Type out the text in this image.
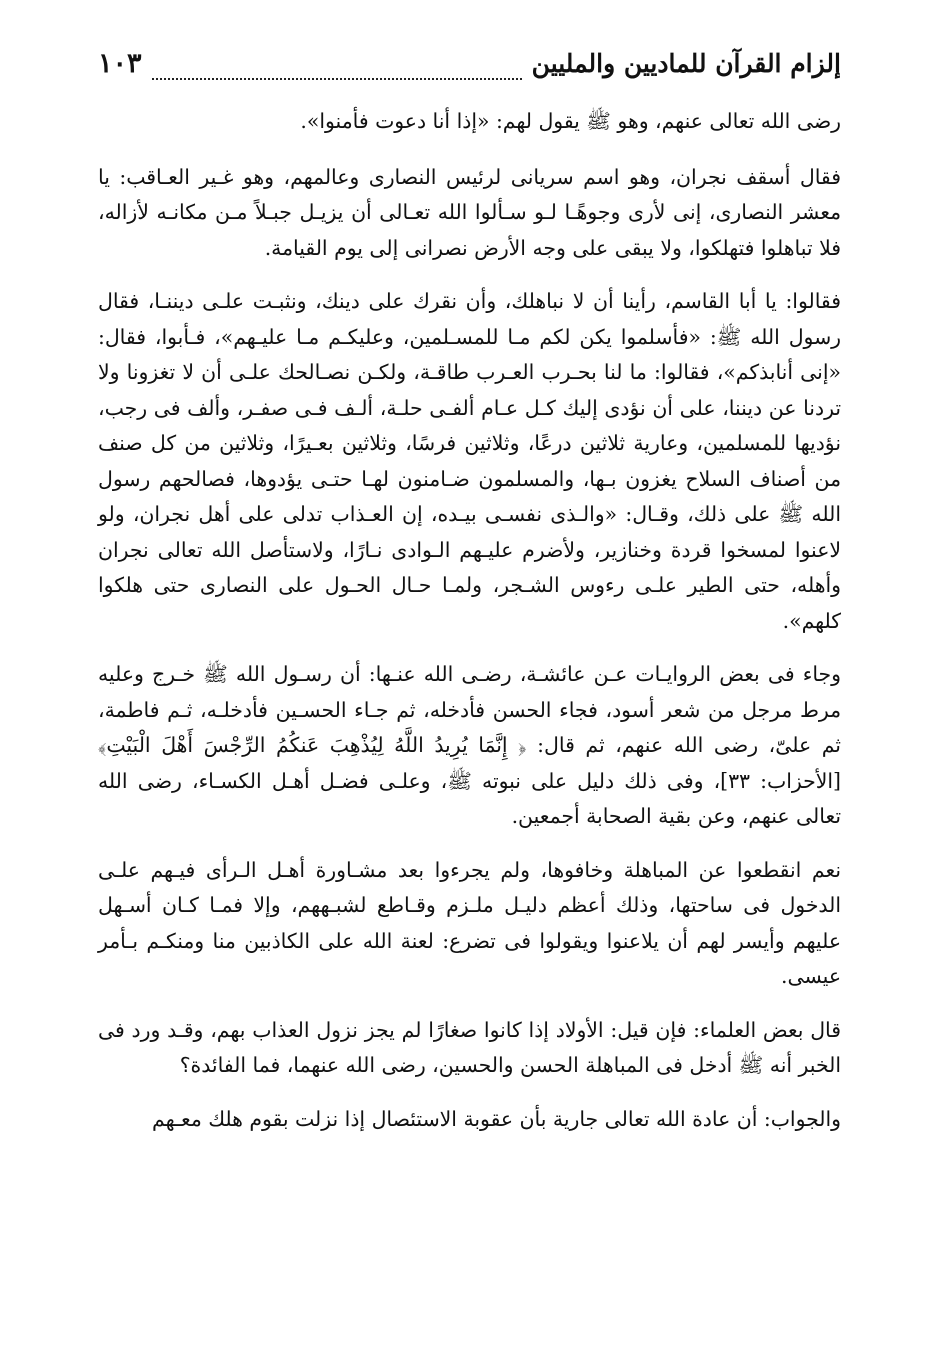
إلزام القرآن للماديين والمليين
١٠٣

رضى الله تعالى عنهم، وهو ﷺ يقول لهم: «إذا أنا دعوت فأمنوا».

فقال أسقف نجران، وهو اسم سريانى لرئيس النصارى وعالمهم، وهو غـير العـاقب: يا معشر النصارى، إنى لأرى وجوهًـا لـو سـألوا الله تعـالى أن يزيـل جبـلاً مـن مكانـه لأزاله، فلا تباهلوا فتهلكوا، ولا يبقى على وجه الأرض نصرانى إلى يوم القيامة.

فقالوا: يا أبا القاسم، رأينا أن لا نباهلك، وأن نقرك على دينك، ونثبـت علـى ديننـا، فقال رسول الله ﷺ: «فأسلموا يكن لكم مـا للمسـلمين، وعليكـم مـا عليـهم»، فـأبوا، فقال: «إنى أنابذكم»، فقالوا: ما لنا بحـرب العـرب طاقـة، ولكـن نصـالحك علـى أن لا تغزونا ولا تردنا عن ديننا، على أن نؤدى إليك كـل عـام ألفـى حلـة، ألـف فـى صفـر، وألف فى رجب، نؤديها للمسلمين، وعارية ثلاثين درعًا، وثلاثين فرسًا، وثلاثين بعـيرًا، وثلاثين من كل صنف من أصناف السلاح يغزون بـها، والمسلمون ضـامنون لهـا حتـى يؤدوها، فصالحهم رسول الله ﷺ على ذلك، وقـال: «والـذى نفسـى بيـده، إن العـذاب تدلى على أهل نجران، ولو لاعنوا لمسخوا قردة وخنازير، ولأضرم عليـهم الـوادى نـارًا، ولاستأصل الله تعالى نجران وأهله، حتى الطير علـى رءوس الشـجر، ولمـا حـال الحـول على النصارى حتى هلكوا كلهم».

وجاء فى بعض الروايـات عـن عائشـة، رضـى الله عنـها: أن رسـول الله ﷺ خـرج وعليه مرط مرجل من شعر أسود، فجاء الحسن فأدخله، ثم جـاء الحسـين فأدخلـه، ثـم فاطمة، ثم علىّ، رضى الله عنهم، ثم قال: ﴿ إِنَّمَا يُرِيدُ اللَّهُ لِيُذْهِبَ عَنكُمُ الرِّجْسَ أَهْلَ الْبَيْتِ﴾ [الأحزاب: ٣٣]، وفى ذلك دليل على نبوته ﷺ، وعلـى فضـل أهـل الكسـاء، رضى الله تعالى عنهم، وعن بقية الصحابة أجمعين.

نعم انقطعوا عن المباهلة وخافوها، ولم يجرءوا بعد مشـاورة أهـل الـرأى فيـهم علـى الدخول فى ساحتها، وذلك أعظم دليـل ملـزم وقـاطع لشبـههم، وإلا فمـا كـان أسـهل عليهم وأيسر لهم أن يلاعنوا ويقولوا فى تضرع: لعنة الله على الكاذبين منا ومنكـم بـأمر عيسى.

قال بعض العلماء: فإن قيل: الأولاد إذا كانوا صغارًا لم يجز نزول العذاب بهم، وقـد ورد فى الخبر أنه ﷺ أدخل فى المباهلة الحسن والحسين، رضى الله عنهما، فما الفائدة؟

والجواب: أن عادة الله تعالى جارية بأن عقوبة الاستئصال إذا نزلت بقوم هلك معـهم
